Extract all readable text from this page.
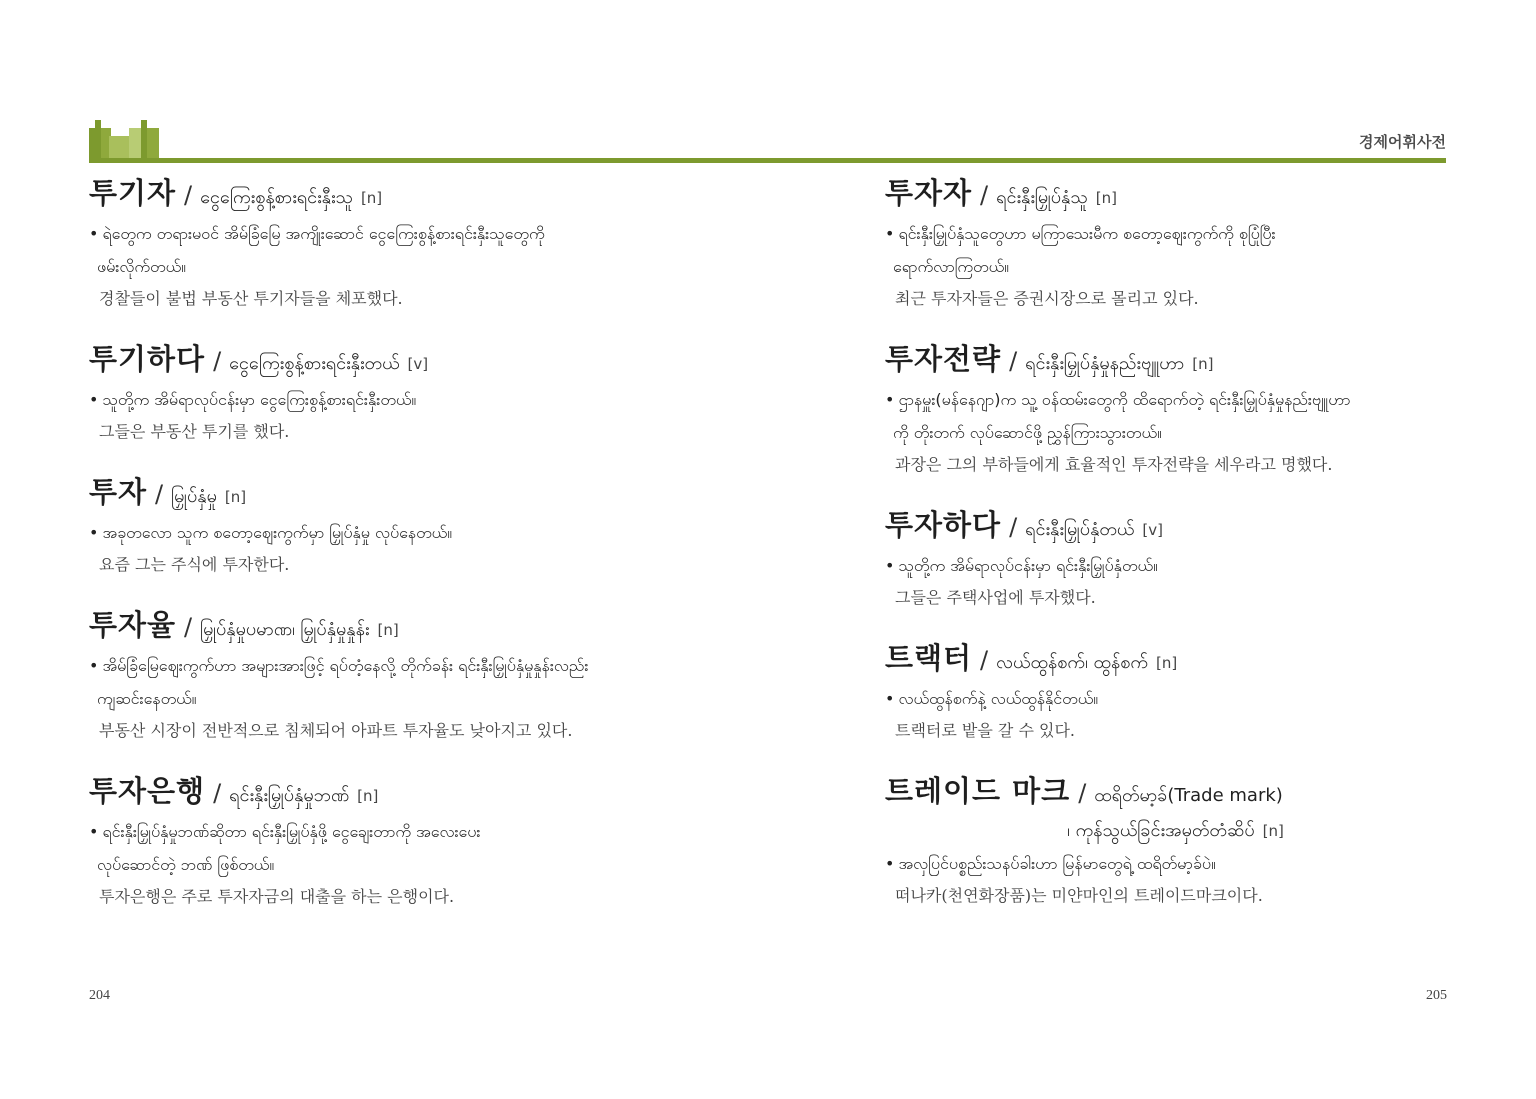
경제어휘사전
투기자 / ငွေကြေးစွန့်စားရင်းနှီးသူ [n]
• ရဲတွေက တရားမဝင် အိမ်ခြံမြေ အကျိုးဆောင် ငွေကြေးစွန့်စားရင်းနှီးသူတွေကို
ဖမ်းလိုက်တယ်။
경찰들이 불법 부동산 투기자들을 체포했다.
투기하다 / ငွေကြေးစွန့်စားရင်းနှီးတယ် [v]
• သူတို့က အိမ်ရာလုပ်ငန်းမှာ ငွေကြေးစွန့်စားရင်းနှီးတယ်။
그들은 부동산 투기를 했다.
투자 / မြှုပ်နှံမှု [n]
• အခုတလော သူက စတော့ဈေးကွက်မှာ မြှုပ်နှံမှု လုပ်နေတယ်။
요즘 그는 주식에 투자한다.
투자율 / မြှုပ်နှံမှုပမာဏ၊ မြှုပ်နှံမှုနှုန်း [n]
• အိမ်ခြံမြေဈေးကွက်ဟာ အများအားဖြင့် ရပ်တံ့နေလို့ တိုက်ခန်း ရင်းနှီးမြှုပ်နှံမှုနှုန်းလည်း
ကျဆင်းနေတယ်။
부동산 시장이 전반적으로 침체되어 아파트 투자율도 낮아지고 있다.
투자은행 / ရင်းနှီးမြှုပ်နှံမှုဘဏ် [n]
• ရင်းနှီးမြှုပ်နှံမှုဘဏ်ဆိုတာ ရင်းနှီးမြှုပ်နှံဖို့ ငွေချေးတာကို အလေးပေး
လုပ်ဆောင်တဲ့ ဘဏ် ဖြစ်တယ်။
투자은행은 주로 투자자금의 대출을 하는 은행이다.
투자자 / ရင်းနှီးမြှုပ်နှံသူ [n]
• ရင်းနှီးမြှုပ်နှံသူတွေဟာ မကြာသေးမီက စတော့ဈေးကွက်ကို စုပြုံပြီး
ရောက်လာကြတယ်။
최근 투자자들은 증권시장으로 몰리고 있다.
투자전략 / ရင်းနှီးမြှုပ်နှံမှုနည်းဗျူဟာ [n]
• ဌာနမှူး(မန်နေဂျာ)က သူ့ ဝန်ထမ်းတွေကို ထိရောက်တဲ့ ရင်းနှီးမြှုပ်နှံမှုနည်းဗျူဟာ
ကို တိုးတက် လုပ်ဆောင်ဖို့ ညွှန်ကြားသွားတယ်။
과장은 그의 부하들에게 효율적인 투자전략을 세우라고 명했다.
투자하다 / ရင်းနှီးမြှုပ်နှံတယ် [v]
• သူတို့က အိမ်ရာလုပ်ငန်းမှာ ရင်းနှီးမြှုပ်နှံတယ်။
그들은 주택사업에 투자했다.
트랙터 / လယ်ထွန်စက်၊ ထွန်စက် [n]
• လယ်ထွန်စက်နဲ့ လယ်ထွန်နိုင်တယ်။
트랙터로 밭을 갈 수 있다.
트레이드 마크 / ထရိတ်မာ့ခ်(Trade mark)
၊ ကုန်သွယ်ခြင်းအမှတ်တံဆိပ် [n]
• အလှပြင်ပစ္စည်းသနပ်ခါးဟာ မြန်မာတွေရဲ့ ထရိတ်မာ့ခ်ပဲ။
떠나카(천연화장품)는 미얀마인의 트레이드마크이다.
204	205
